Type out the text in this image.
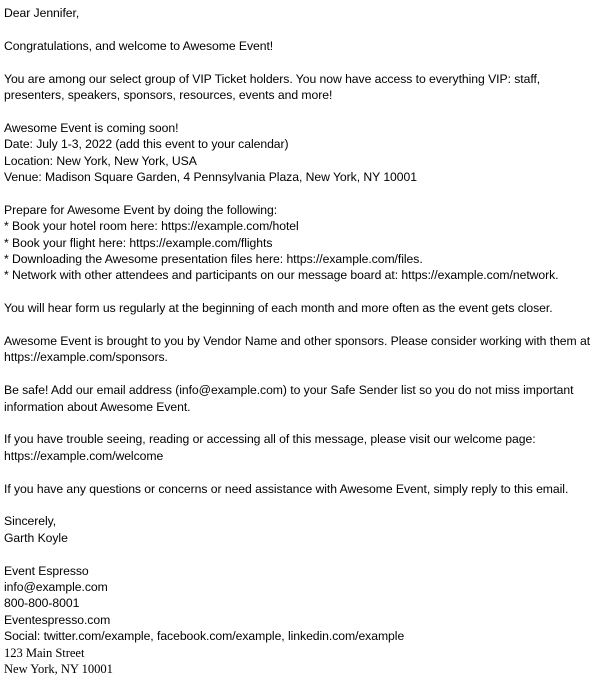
Dear Jennifer,

Congratulations, and welcome to Awesome Event!

You are among our select group of VIP Ticket holders. You now have access to everything VIP: staff, presenters, speakers, sponsors, resources, events and more!

Awesome Event is coming soon!
Date: July 1-3, 2022 (add this event to your calendar)
Location: New York, New York, USA
Venue: Madison Square Garden, 4 Pennsylvania Plaza, New York, NY 10001

Prepare for Awesome Event by doing the following:
* Book your hotel room here: https://example.com/hotel
* Book your flight here: https://example.com/flights
* Downloading the Awesome presentation files here: https://example.com/files.
* Network with other attendees and participants on our message board at: https://example.com/network.

You will hear form us regularly at the beginning of each month and more often as the event gets closer.

Awesome Event is brought to you by Vendor Name and other sponsors. Please consider working with them at https://example.com/sponsors.

Be safe! Add our email address (info@example.com) to your Safe Sender list so you do not miss important information about Awesome Event.

If you have trouble seeing, reading or accessing all of this message, please visit our welcome page: https://example.com/welcome

If you have any questions or concerns or need assistance with Awesome Event, simply reply to this email.

Sincerely,
Garth Koyle

Event Espresso
info@example.com
800-800-8001
Eventespresso.com
Social: twitter.com/example, facebook.com/example, linkedin.com/example
123 Main Street
New York, NY 10001
